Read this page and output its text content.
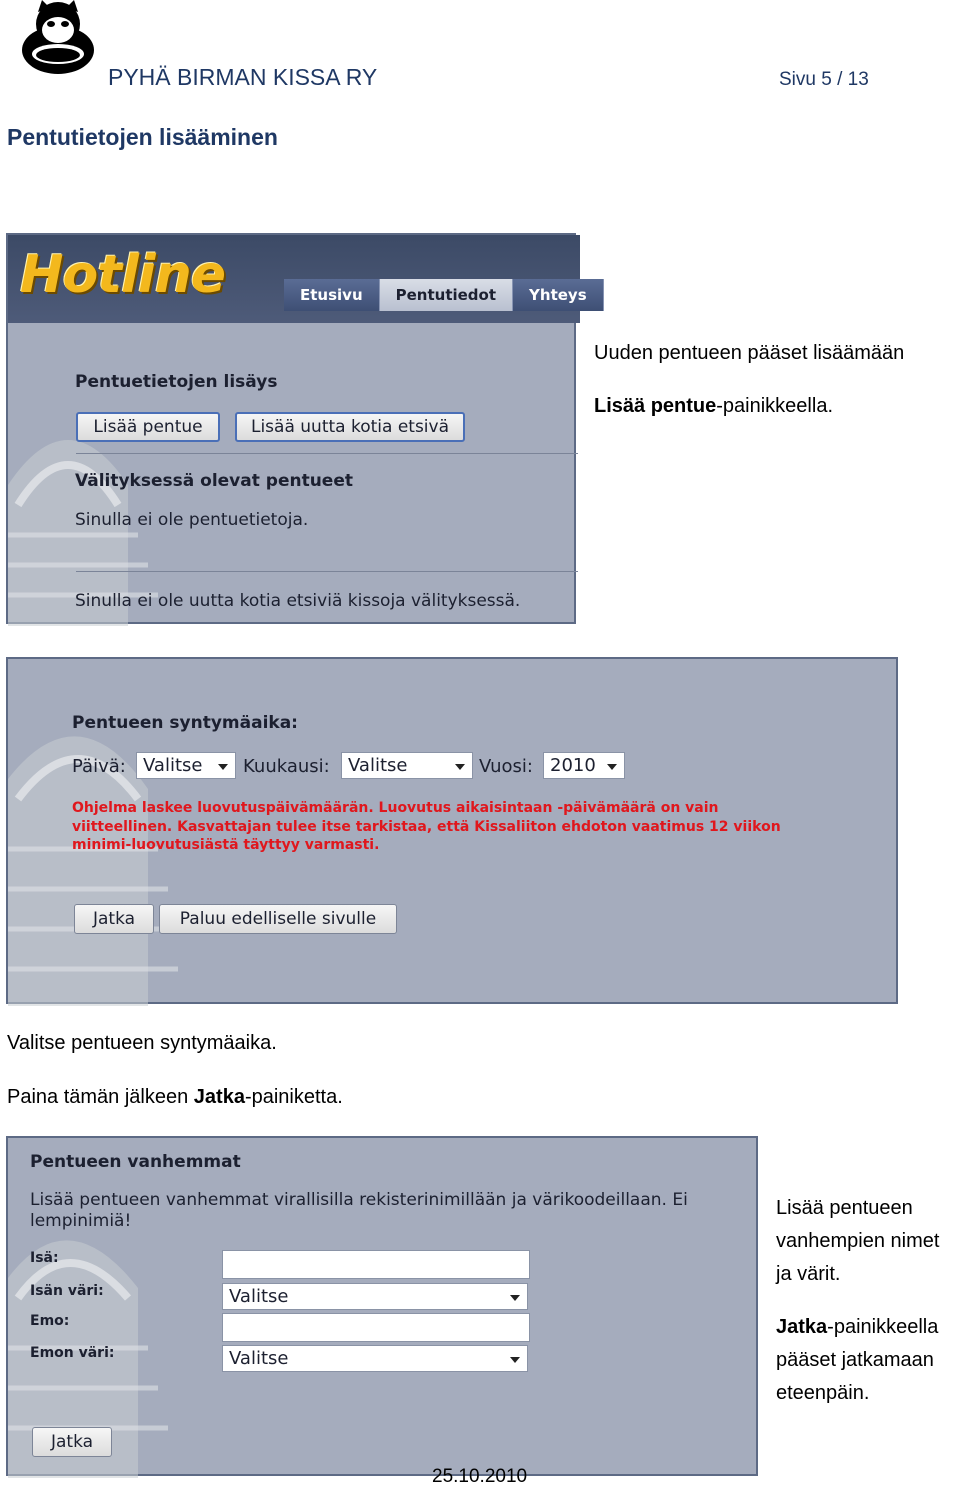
PYHÄ BIRMAN KISSA RY	Sivu 5 / 13
Pentutietojen lisääminen
Hotline	Etusivu	Pentutiedot	Yhteys
Pentuetietojen lisäys
Lisää pentue	Lisää uutta kotia etsivä
Välityksessä olevat pentueet
Sinulla ei ole pentuetietoja.
Sinulla ei ole uutta kotia etsiviä kissoja välityksessä.
Uuden pentueen pääset lisäämään
Lisää pentue-painikkeella.
Pentueen syntymäaika:
Päivä: Valitse Kuukausi: Valitse	Vuosi: 2010
Ohjelma laskee luovutuspäivämäärän. Luovutus aikaisintaan -päivämäärä on vain
viitteellinen. Kasvattajan tulee itse tarkistaa, että Kissaliiton ehdoton vaatimus 12 viikon
minimi-luovutusiästä täyttyy varmasti.
Jatka	Paluu edelliselle sivulle
Valitse pentueen syntymäaika.
Paina tämän jälkeen Jatka-painiketta.
Pentueen vanhemmat
Lisää pentueen vanhemmat virallisilla rekisterinimillään ja värikoodeillaan. Ei
lempinimiä!
Isä:
Isän väri:	Valitse
Emo:
Emon väri:	Valitse
Jatka
Lisää pentueen
vanhempien nimet
ja värit.
Jatka-painikkeella
pääset jatkamaan
eteenpäin.
25.10.2010
